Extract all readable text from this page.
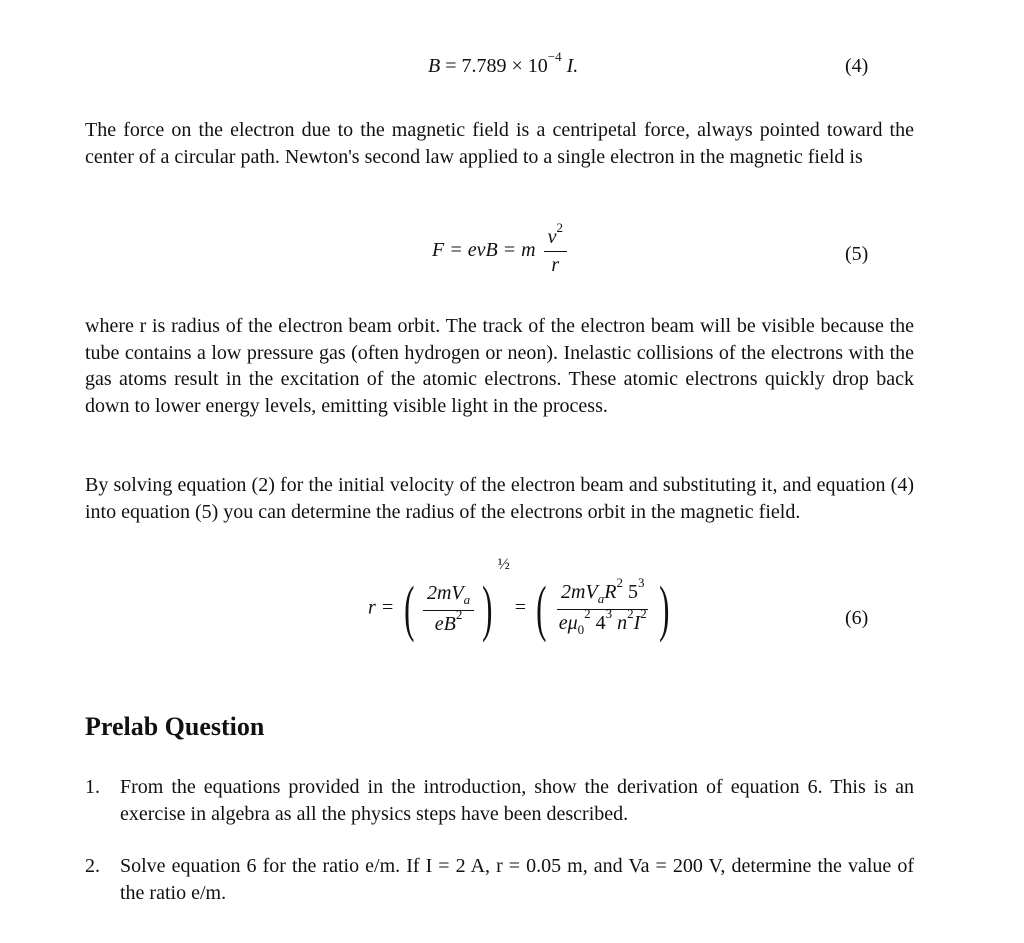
$B = 7.789 \times 10^{-4}$ I.	(4)
The force on the electron due to the magnetic field is a centripetal force, always pointed toward the center of a circular path. Newton's second law applied to a single electron in the magnetic field is
F = evB = m $\frac{v^2}{r}$	(5)
where r is radius of the electron beam orbit. The track of the electron beam will be visible because the tube contains a low pressure gas (often hydrogen or neon). Inelastic collisions of the electrons with the gas atoms result in the excitation of the atomic electrons. These atomic electrons quickly drop back down to lower energy levels, emitting visible light in the process.
By solving equation (2) for the initial velocity of the electron beam and substituting it, and equation (4) into equation (5) you can determine the radius of the electrons orbit in the magnetic field.
r = ( $\frac{2mV_a}{eB^2} )^{\frac{1}{2}}$ = ( $\frac{2mV_aR^2 5^3}{e\mu_0^2 4^3 n^2I^2}$ )	(6)
Prelab Question
1. From the equations provided in the introduction, show the derivation of equation 6. This is an exercise in algebra as all the physics steps have been described.
2. Solve equation 6 for the ratio e/m. If I = 2 A, r = 0.05 m, and Va = 200 V, determine the value of the ratio e/m.
